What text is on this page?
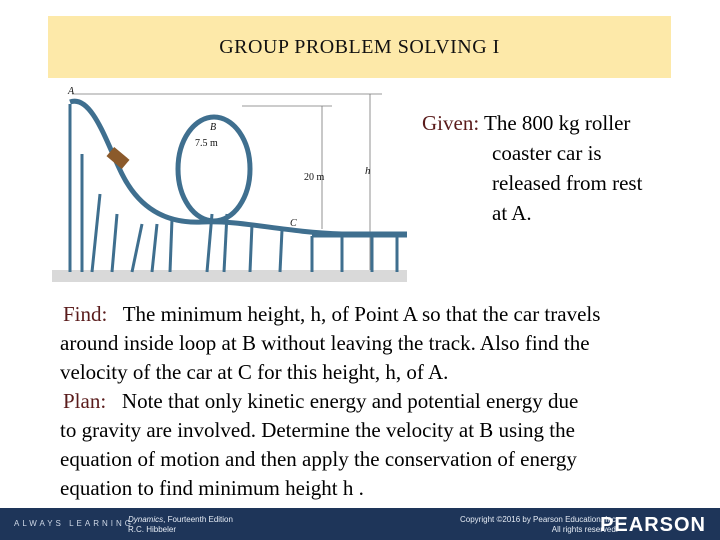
GROUP PROBLEM SOLVING I
A
B
C
h
7.5 m
20 m
Given: The 800 kg roller
coaster car is
released from rest
at A.
Find: The minimum height, h, of Point A so that the car travels
around inside loop at B without leaving the track. Also find the
velocity of the car at C for this height, h, of A.
Plan: Note that only kinetic energy and potential energy due
to gravity are involved. Determine the velocity at B using the
equation of motion and then apply the conservation of energy
equation to find minimum height h .
ALWAYS LEARNING
Dynamics, Fourteenth Edition
R.C. Hibbeler
Copyright ©2016 by Pearson Education, Inc.
All rights reserved.
PEARSON
